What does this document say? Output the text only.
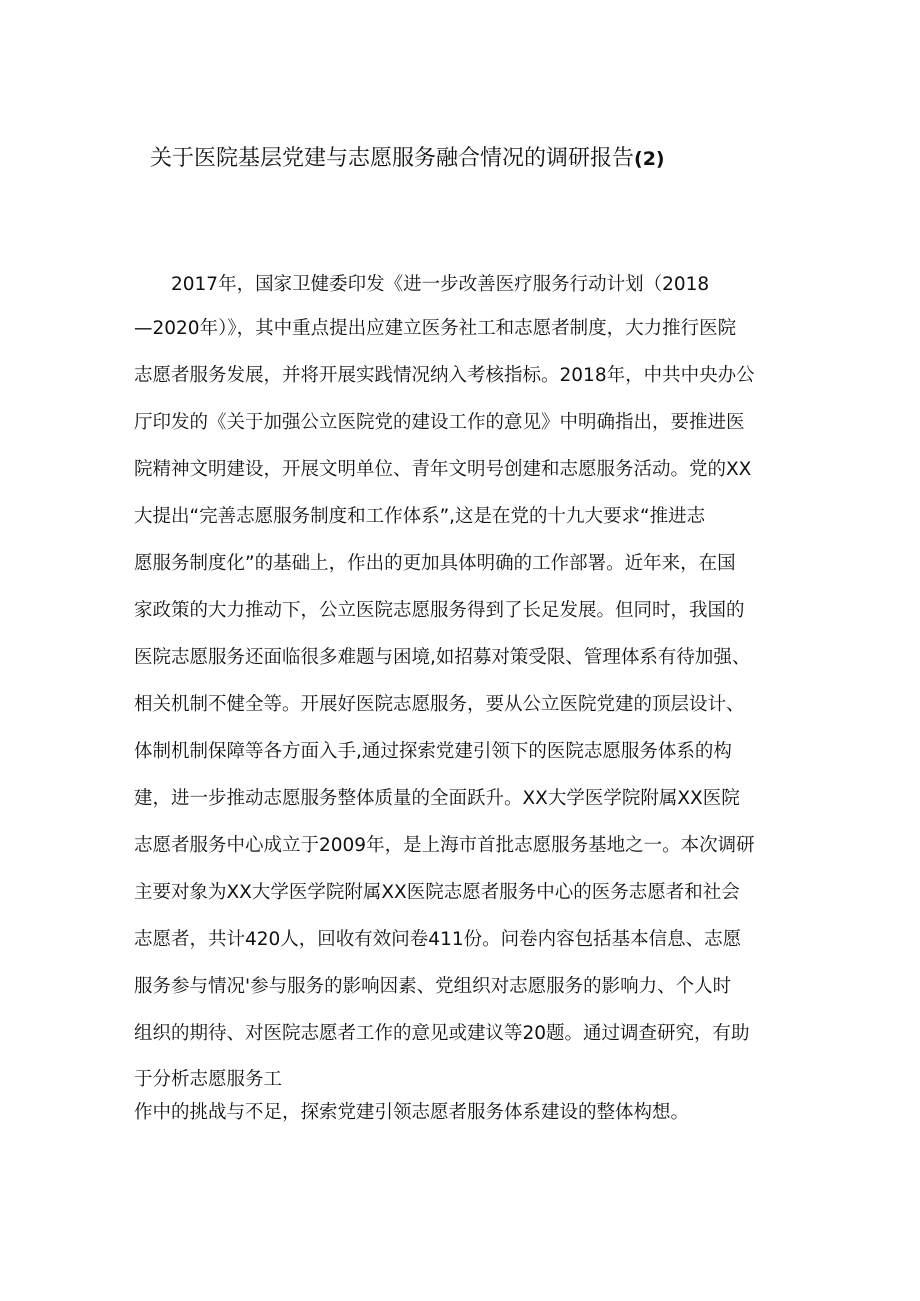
关于医院基层党建与志愿服务融合情况的调研报告(2)
　　2017年，国家卫健委印发《进一步改善医疗服务行动计划（2018
—2020年）》，其中重点提出应建立医务社工和志愿者制度，大力推行医院
志愿者服务发展，并将开展实践情况纳入考核指标。2018年，中共中央办公
厅印发的《关于加强公立医院党的建设工作的意见》中明确指出，要推进医
院精神文明建设，开展文明单位、青年文明号创建和志愿服务活动。党的XX
大提出“完善志愿服务制度和工作体系”,这是在党的十九大要求“推进志
愿服务制度化”的基础上，作出的更加具体明确的工作部署。近年来，在国
家政策的大力推动下，公立医院志愿服务得到了长足发展。但同时，我国的
医院志愿服务还面临很多难题与困境,如招募对策受限、管理体系有待加强、
相关机制不健全等。开展好医院志愿服务，要从公立医院党建的顶层设计、
体制机制保障等各方面入手,通过探索党建引领下的医院志愿服务体系的构
建，进一步推动志愿服务整体质量的全面跃升。XX大学医学院附属XX医院
志愿者服务中心成立于2009年，是上海市首批志愿服务基地之一。本次调研
主要对象为XX大学医学院附属XX医院志愿者服务中心的医务志愿者和社会
志愿者，共计420人，回收有效问卷411份。问卷内容包括基本信息、志愿
服务参与情况'参与服务的影响因素、党组织对志愿服务的影响力、个人时
组织的期待、对医院志愿者工作的意见或建议等20题。通过调查研究，有助
于分析志愿服务工
作中的挑战与不足，探索党建引领志愿者服务体系建设的整体构想。
